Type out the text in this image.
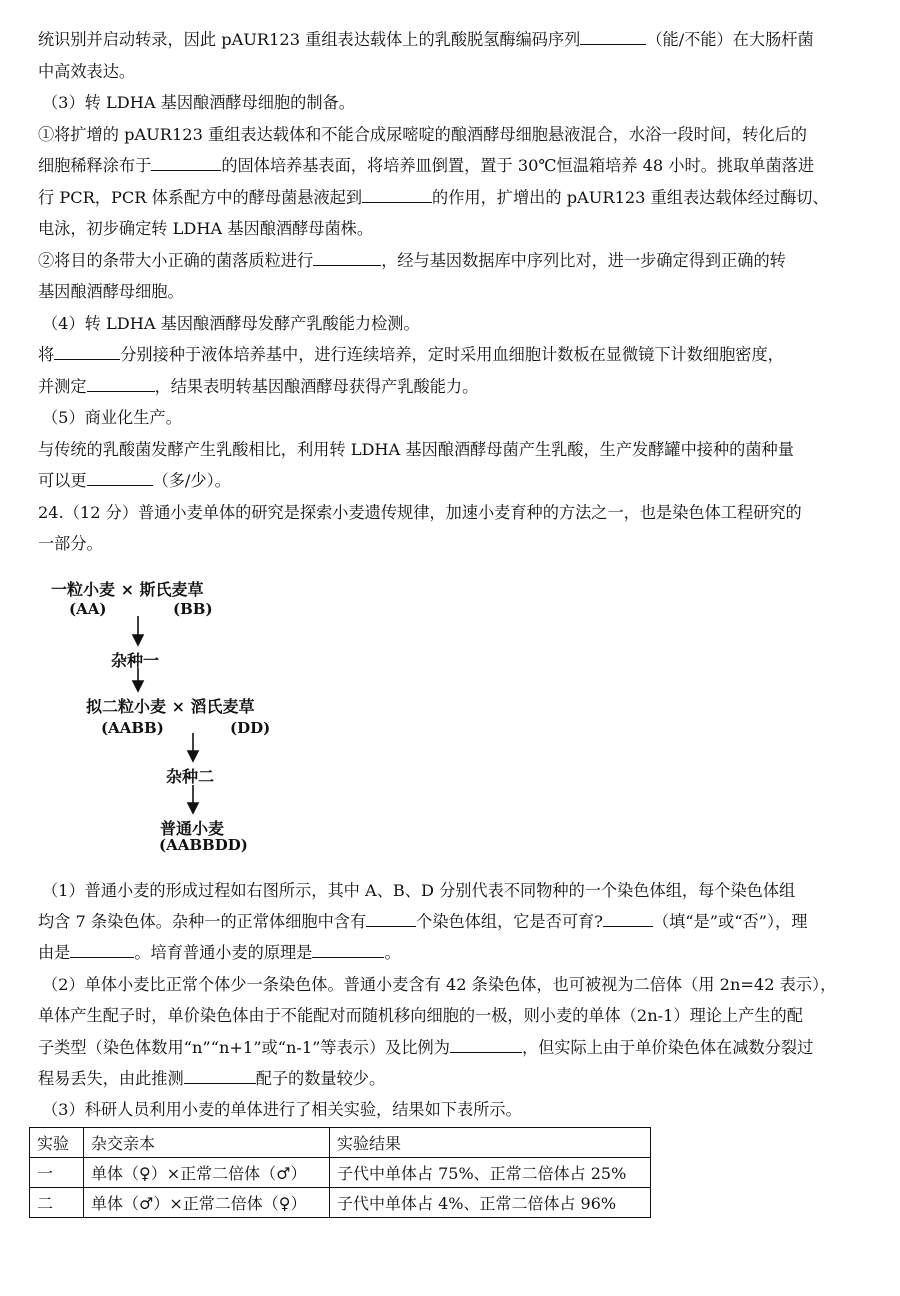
统识别并启动转录，因此 pAUR123 重组表达载体上的乳酸脱氢酶编码序列	（能/不能）在大肠杆菌
中高效表达。
（3）转 LDHA 基因酿酒酵母细胞的制备。
①将扩增的 pAUR123 重组表达载体和不能合成尿嘧啶的酿酒酵母细胞悬液混合，水浴一段时间，转化后的
细胞稀释涂布于	的固体培养基表面，将培养皿倒置，置于 30℃恒温箱培养 48 小时。挑取单菌落进
行 PCR，PCR 体系配方中的酵母菌悬液起到	的作用，扩增出的 pAUR123 重组表达载体经过酶切、
电泳，初步确定转 LDHA 基因酿酒酵母菌株。
②将目的条带大小正确的菌落质粒进行	，经与基因数据库中序列比对，进一步确定得到正确的转
基因酿酒酵母细胞。
（4）转 LDHA 基因酿酒酵母发酵产乳酸能力检测。
将	分别接种于液体培养基中，进行连续培养，定时采用血细胞计数板在显微镜下计数细胞密度，
并测定	，结果表明转基因酿酒酵母获得产乳酸能力。
（5）商业化生产。
与传统的乳酸菌发酵产生乳酸相比，利用转 LDHA 基因酿酒酵母菌产生乳酸，生产发酵罐中接种的菌种量
可以更	（多/少）。
24.（12 分）普通小麦单体的研究是探索小麦遗传规律，加速小麦育种的方法之一，也是染色体工程研究的
一部分。
一粒小麦 × 斯氏麦草
(AA)	(BB)
杂种一
拟二粒小麦 × 滔氏麦草
(AABB)	(DD)
杂种二
普通小麦
(AABBDD)
（1）普通小麦的形成过程如右图所示，其中 A、B、D 分别代表不同物种的一个染色体组，每个染色体组
均含 7 条染色体。杂种一的正常体细胞中含有	个染色体组，它是否可育?	（填“是”或“否”），理
由是	。培育普通小麦的原理是	。
（2）单体小麦比正常个体少一条染色体。普通小麦含有 42 条染色体，也可被视为二倍体（用 2n=42 表示），
单体产生配子时，单价染色体由于不能配对而随机移向细胞的一极，则小麦的单体（2n-1）理论上产生的配
子类型（染色体数用“n”“n+1”或“n-1”等表示）及比例为	，但实际上由于单价染色体在减数分裂过
程易丢失，由此推测	配子的数量较少。
（3）科研人员利用小麦的单体进行了相关实验，结果如下表所示。
实验	杂交亲本	实验结果
一	单体（♀）×正常二倍体（♂）	子代中单体占 75%、正常二倍体占 25%
二	单体（♂）×正常二倍体（♀）	子代中单体占 4%、正常二倍体占 96%
